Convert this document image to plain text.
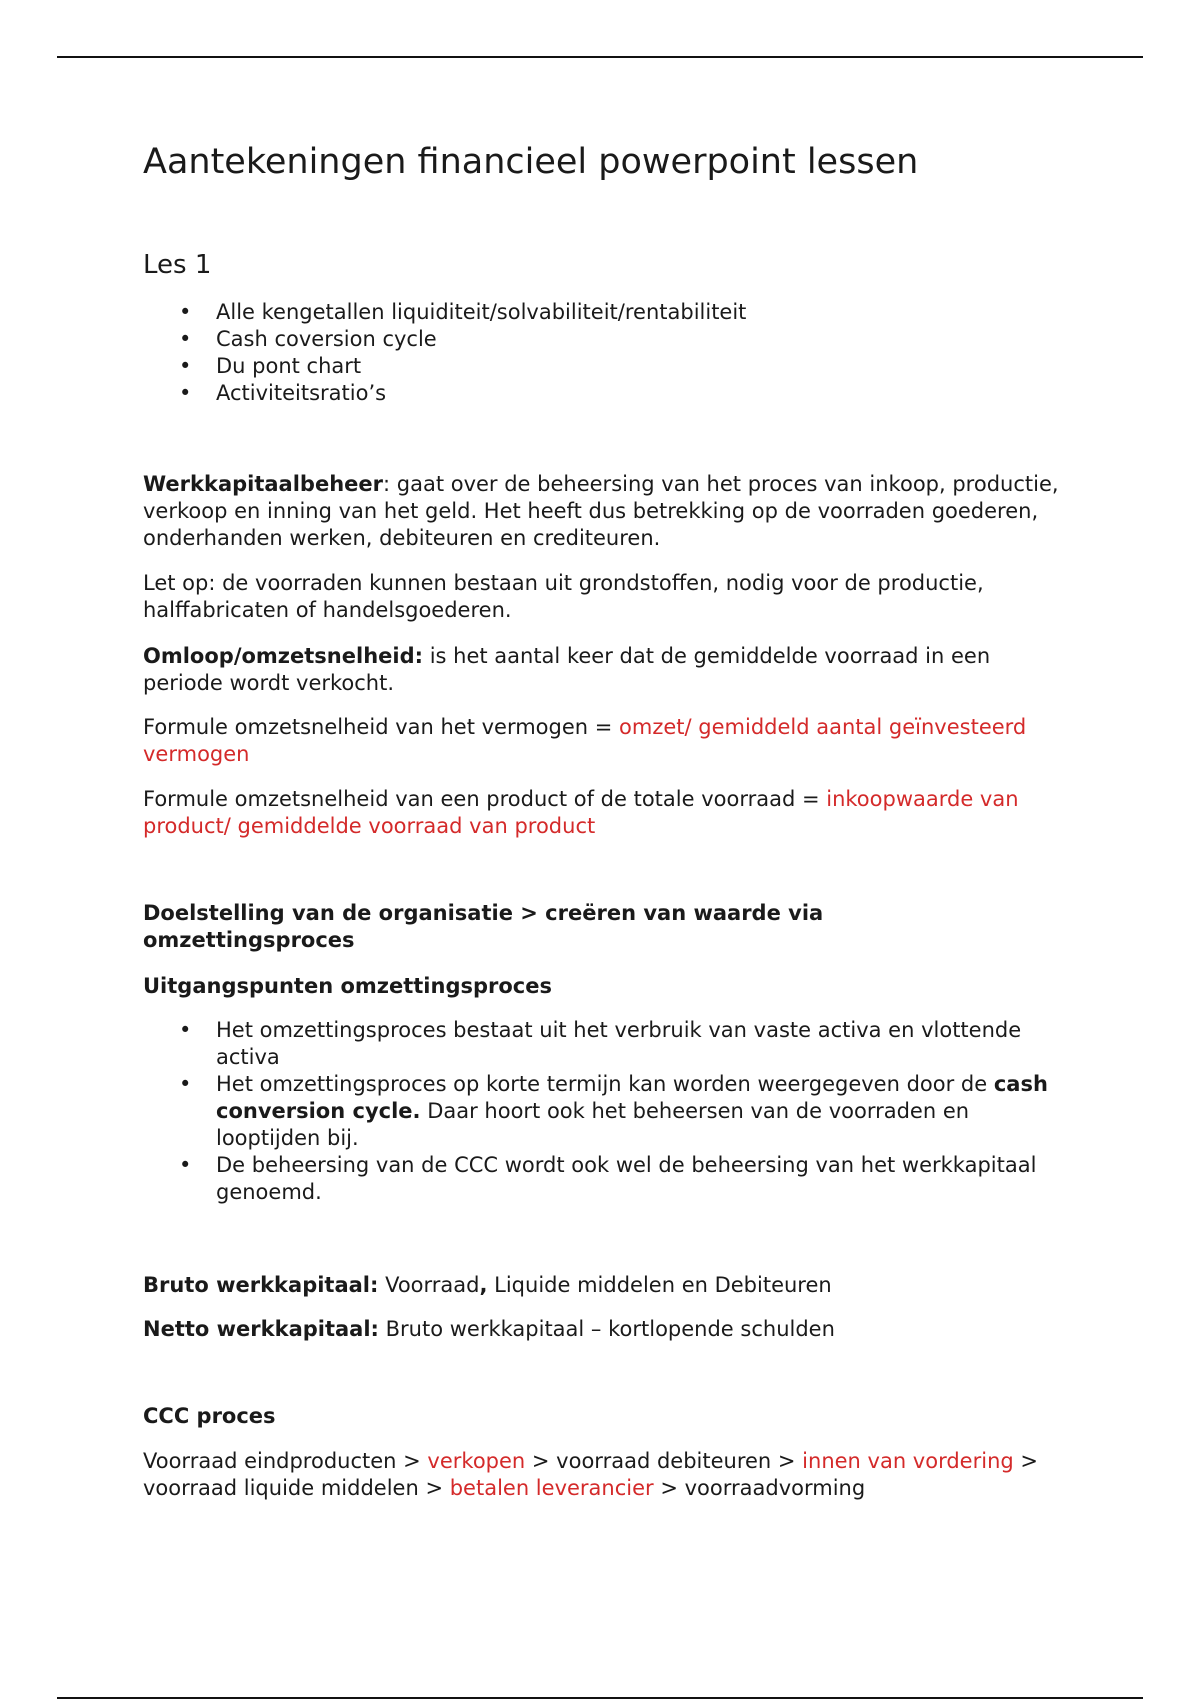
Aantekeningen financieel powerpoint lessen
Les 1
• Alle kengetallen liquiditeit/solvabiliteit/rentabiliteit
• Cash coversion cycle
• Du pont chart
• Activiteitsratio’s

Werkkapitaalbeheer: gaat over de beheersing van het proces van inkoop, productie, verkoop en inning van het geld. Het heeft dus betrekking op de voorraden goederen, onderhanden werken, debiteuren en crediteuren.

Let op: de voorraden kunnen bestaan uit grondstoffen, nodig voor de productie, halffabricaten of handelsgoederen.

Omloop/omzetsnelheid: is het aantal keer dat de gemiddelde voorraad in een periode wordt verkocht.

Formule omzetsnelheid van het vermogen = omzet/ gemiddeld aantal geïnvesteerd vermogen

Formule omzetsnelheid van een product of de totale voorraad = inkoopwaarde van product/ gemiddelde voorraad van product

Doelstelling van de organisatie > creëren van waarde via omzettingsproces

Uitgangspunten omzettingsproces

• Het omzettingsproces bestaat uit het verbruik van vaste activa en vlottende activa
• Het omzettingsproces op korte termijn kan worden weergegeven door de cash conversion cycle. Daar hoort ook het beheersen van de voorraden en looptijden bij.
• De beheersing van de CCC wordt ook wel de beheersing van het werkkapitaal genoemd.

Bruto werkkapitaal: Voorraad, Liquide middelen en Debiteuren

Netto werkkapitaal: Bruto werkkapitaal – kortlopende schulden

CCC proces

Voorraad eindproducten > verkopen > voorraad debiteuren > innen van vordering > voorraad liquide middelen > betalen leverancier > voorraadvorming
